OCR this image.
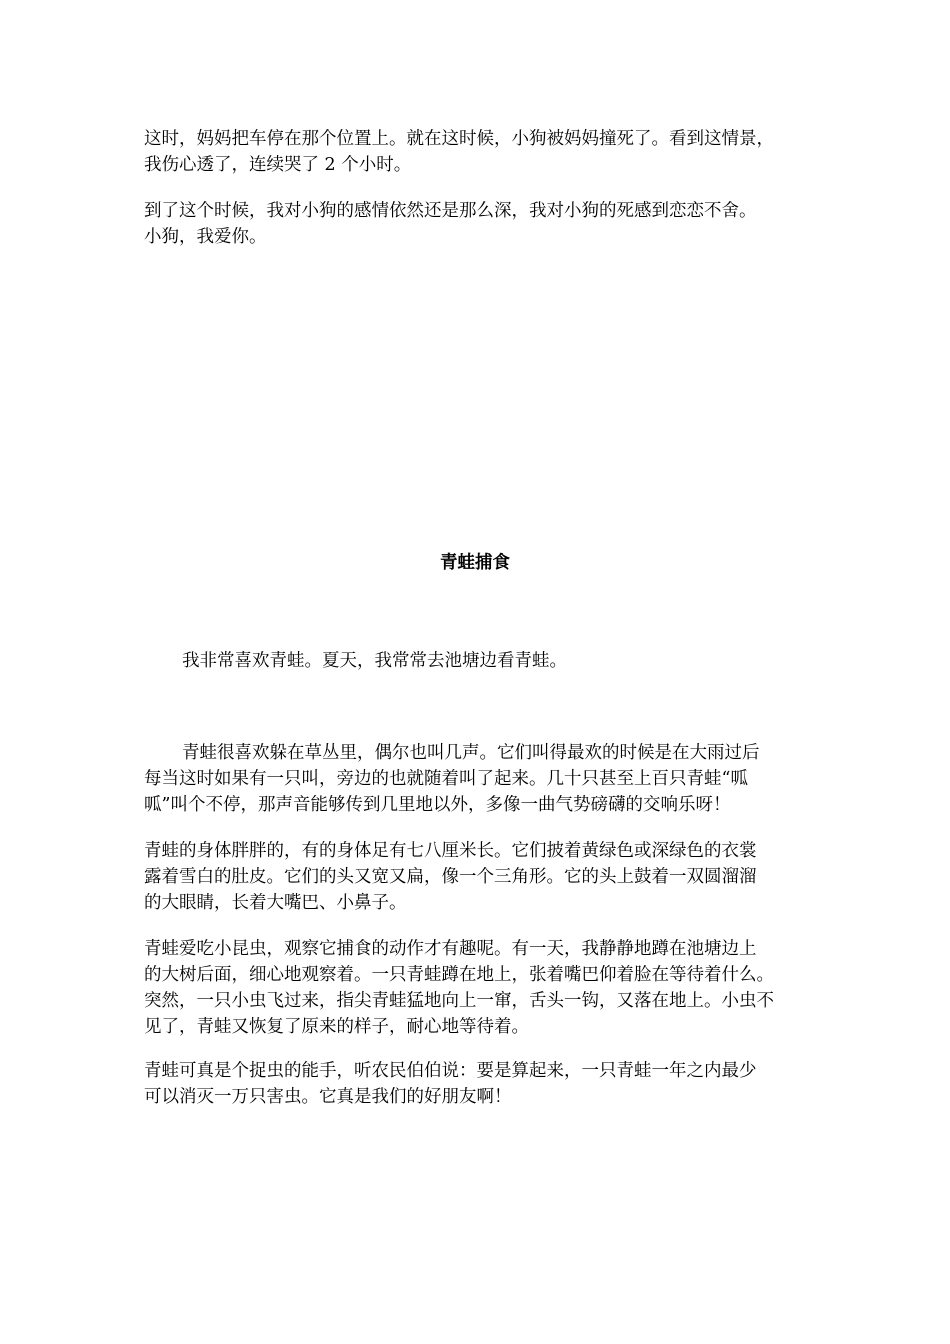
这时，妈妈把车停在那个位置上。就在这时候，小狗被妈妈撞死了。看到这情景，
我伤心透了，连续哭了 2 个小时。

到了这个时候，我对小狗的感情依然还是那么深，我对小狗的死感到恋恋不舍。
小狗，我爱你。

青蛙捕食

我非常喜欢青蛙。夏天，我常常去池塘边看青蛙。

青蛙很喜欢躲在草丛里，偶尔也叫几声。它们叫得最欢的时候是在大雨过后
每当这时如果有一只叫，旁边的也就随着叫了起来。几十只甚至上百只青蛙“呱
呱”叫个不停，那声音能够传到几里地以外，多像一曲气势磅礴的交响乐呀！

青蛙的身体胖胖的，有的身体足有七八厘米长。它们披着黄绿色或深绿色的衣裳
露着雪白的肚皮。它们的头又宽又扁，像一个三角形。它的头上鼓着一双圆溜溜
的大眼睛，长着大嘴巴、小鼻子。

青蛙爱吃小昆虫，观察它捕食的动作才有趣呢。有一天，我静静地蹲在池塘边上
的大树后面，细心地观察着。一只青蛙蹲在地上，张着嘴巴仰着脸在等待着什么。
突然，一只小虫飞过来，指尖青蛙猛地向上一窜，舌头一钩，又落在地上。小虫不
见了，青蛙又恢复了原来的样子，耐心地等待着。

青蛙可真是个捉虫的能手，听农民伯伯说：要是算起来，一只青蛙一年之内最少
可以消灭一万只害虫。它真是我们的好朋友啊！
